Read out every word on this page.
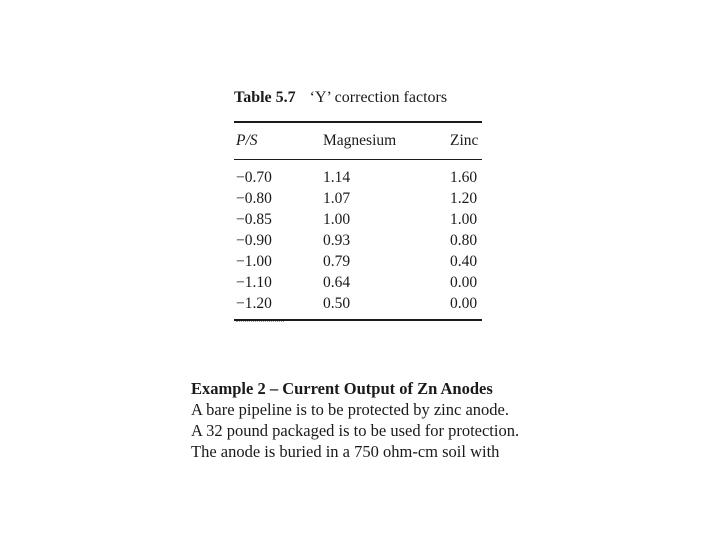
Table 5.7 ‘Y’ correction factors
P/S	Magnesium	Zinc
−0.70	1.14	1.60
−0.80	1.07	1.20
−0.85	1.00	1.00
−0.90	0.93	0.80
−1.00	0.79	0.40
−1.10	0.64	0.00
−1.20	0.50	0.00
Example 2 – Current Output of Zn Anodes
A bare pipeline is to be protected by zinc anode.
A 32 pound packaged is to be used for protection.
The anode is buried in a 750 ohm-cm soil with
